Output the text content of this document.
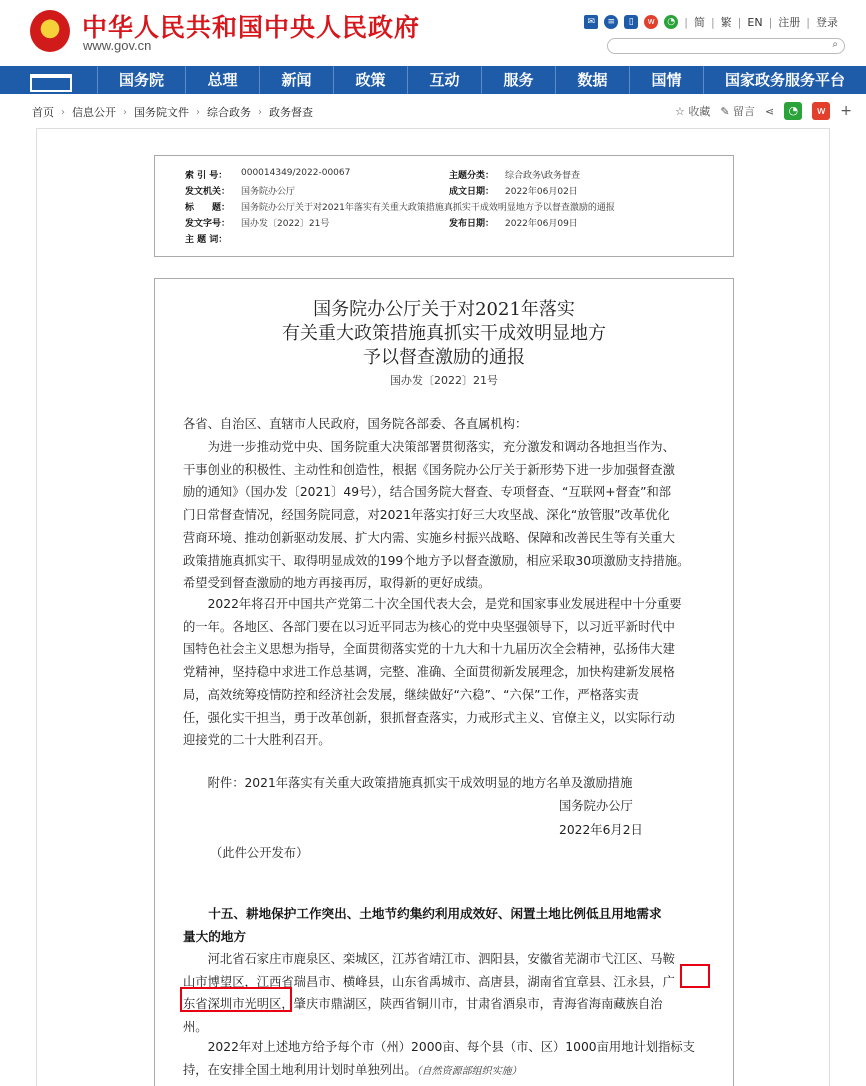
中华人民共和国中央人民政府
www.gov.cn
✉	≡	▯	w	◔ | 简 | 繁 | EN | 注册 | 登录
⌕
国务院	总理	新闻	政策	互动	服务	数据	国情	国家政务服务平台
首页 › 信息公开 › 国务院文件 › 综合政务 › 政务督查	☆ 收藏 ✎ 留言 ⋖	◔	w	+
索 引 号：	000014349/2022-00067	主题分类：	综合政务\政务督查
发文机关：	国务院办公厅	成文日期：	2022年06月02日
标　　题：	国务院办公厅关于对2021年落实有关重大政策措施真抓实干成效明显地方予以督查激励的通报
发文字号：	国办发〔2022〕21号	发布日期：	2022年06月09日
主 题 词：
国务院办公厅关于对2021年落实
有关重大政策措施真抓实干成效明显地方
予以督查激励的通报
国办发〔2022〕21号
各省、自治区、直辖市人民政府，国务院各部委、各直属机构：
　　为进一步推动党中央、国务院重大决策部署贯彻落实，充分激发和调动各地担当作为、
干事创业的积极性、主动性和创造性，根据《国务院办公厅关于新形势下进一步加强督查激
励的通知》（国办发〔2021〕49号），结合国务院大督查、专项督查、“互联网+督查”和部
门日常督查情况，经国务院同意，对2021年落实打好三大攻坚战、深化“放管服”改革优化
营商环境、推动创新驱动发展、扩大内需、实施乡村振兴战略、保障和改善民生等有关重大
政策措施真抓实干、取得明显成效的199个地方予以督查激励，相应采取30项激励支持措施。
希望受到督查激励的地方再接再厉，取得新的更好成绩。
　　2022年将召开中国共产党第二十次全国代表大会，是党和国家事业发展进程中十分重要
的一年。各地区、各部门要在以习近平同志为核心的党中央坚强领导下，以习近平新时代中
国特色社会主义思想为指导，全面贯彻落实党的十九大和十九届历次全会精神，弘扬伟大建
党精神，坚持稳中求进工作总基调，完整、准确、全面贯彻新发展理念，加快构建新发展格
局，高效统筹疫情防控和经济社会发展，继续做好“六稳”、“六保”工作，严格落实责
任，强化实干担当，勇于改革创新，狠抓督查落实，力戒形式主义、官僚主义，以实际行动
迎接党的二十大胜利召开。
　　附件：2021年落实有关重大政策措施真抓实干成效明显的地方名单及激励措施
国务院办公厅
2022年6月2日
（此件公开发布）
　　十五、耕地保护工作突出、土地节约集约利用成效好、闲置土地比例低且用地需求
量大的地方
　　河北省石家庄市鹿泉区、栾城区，江苏省靖江市、泗阳县，安徽省芜湖市弋江区、马鞍
山市博望区，江西省瑞昌市、横峰县，山东省禹城市、高唐县，湖南省宜章县、江永县，广
东省深圳市光明区，肇庆市鼎湖区，陕西省铜川市，甘肃省酒泉市，青海省海南藏族自治
州。
　　2022年对上述地方给予每个市（州）2000亩、每个县（市、区）1000亩用地计划指标支
持，在安排全国土地利用计划时单独列出。（自然资源部组织实施）
